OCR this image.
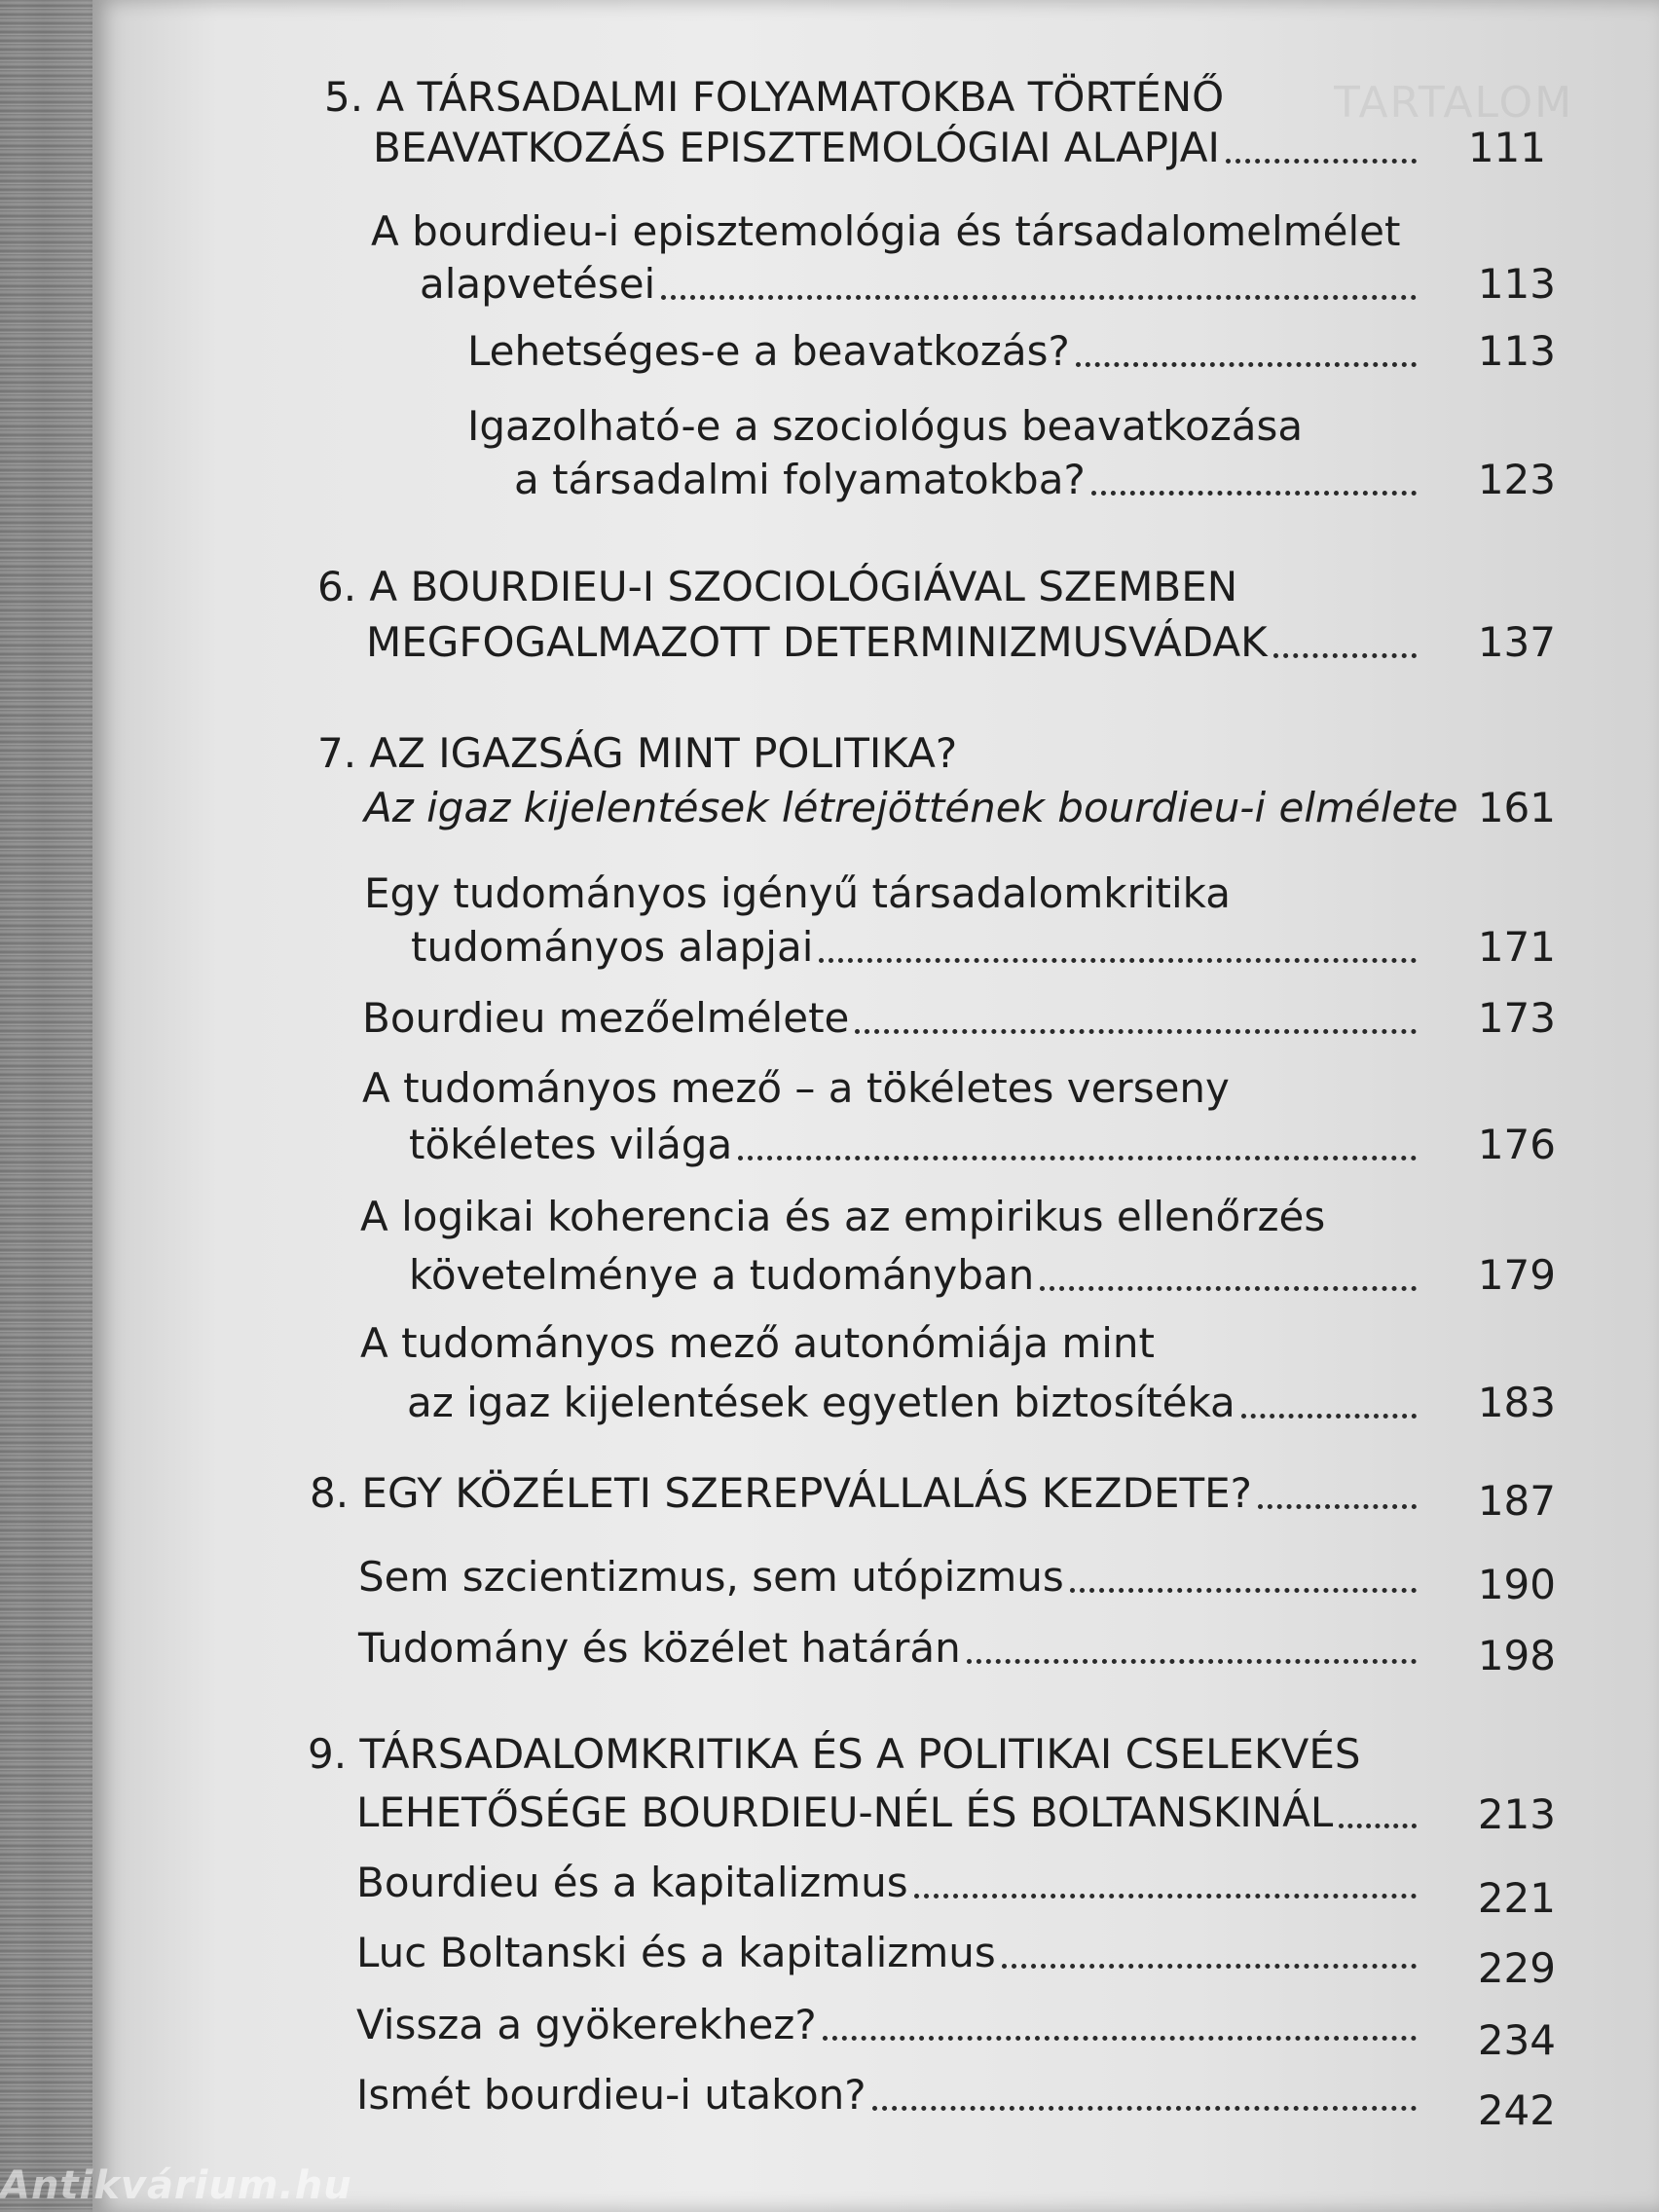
TARTALOM
5. A TÁRSADALMI FOLYAMATOKBA TÖRTÉNŐ
BEAVATKOZÁS EPISZTEMOLÓGIAI ALAPJAI	111
A bourdieu-i episztemológia és társadalomelmélet
alapvetései	113
Lehetséges-e a beavatkozás?	113
Igazolható-e a szociológus beavatkozása
a társadalmi folyamatokba?	123
6. A BOURDIEU-I SZOCIOLÓGIÁVAL SZEMBEN
MEGFOGALMAZOTT DETERMINIZMUSVÁDAK	137
7. AZ IGAZSÁG MINT POLITIKA?
Az igaz kijelentések létrejöttének bourdieu-i elmélete 161
Egy tudományos igényű társadalomkritika
tudományos alapjai	171
Bourdieu mezőelmélete	173
A tudományos mező – a tökéletes verseny
tökéletes világa	176
A logikai koherencia és az empirikus ellenőrzés
követelménye a tudományban	179
A tudományos mező autonómiája mint
az igaz kijelentések egyetlen biztosítéka	183
8. EGY KÖZÉLETI SZEREPVÁLLALÁS KEZDETE?	187
Sem szcientizmus, sem utópizmus	190
Tudomány és közélet határán	198
9. TÁRSADALOMKRITIKA ÉS A POLITIKAI CSELEKVÉS
LEHETŐSÉGE BOURDIEU-NÉL ÉS BOLTANSKINÁL	213
Bourdieu és a kapitalizmus	221
Luc Boltanski és a kapitalizmus	229
Vissza a gyökerekhez?	234
Ismét bourdieu-i utakon?	242
Antikvárium.hu
